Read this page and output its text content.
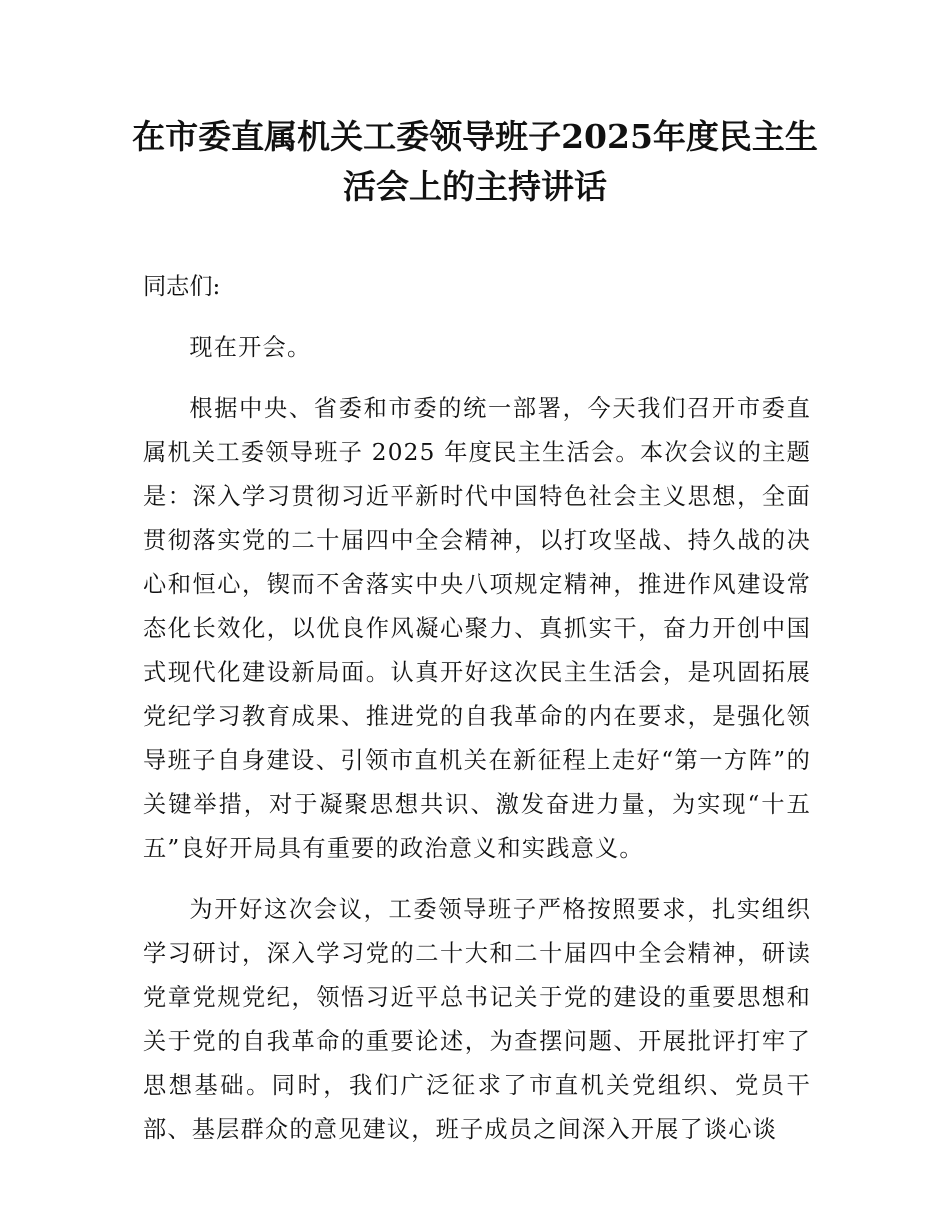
在市委直属机关工委领导班子2025年度民主生
活会上的主持讲话

同志们:

现在开会。

根据中央、省委和市委的统一部署，今天我们召开市委直属机关工委领导班子 2025 年度民主生活会。本次会议的主题是：深入学习贯彻习近平新时代中国特色社会主义思想，全面贯彻落实党的二十届四中全会精神，以打攻坚战、持久战的决心和恒心，锲而不舍落实中央八项规定精神，推进作风建设常态化长效化，以优良作风凝心聚力、真抓实干，奋力开创中国式现代化建设新局面。认真开好这次民主生活会，是巩固拓展党纪学习教育成果、推进党的自我革命的内在要求，是强化领导班子自身建设、引领市直机关在新征程上走好“第一方阵”的关键举措，对于凝聚思想共识、激发奋进力量，为实现“十五五”良好开局具有重要的政治意义和实践意义。

为开好这次会议，工委领导班子严格按照要求，扎实组织学习研讨，深入学习党的二十大和二十届四中全会精神，研读党章党规党纪，领悟习近平总书记关于党的建设的重要思想和关于党的自我革命的重要论述，为查摆问题、开展批评打牢了思想基础。同时，我们广泛征求了市直机关党组织、党员干部、基层群众的意见建议，班子成员之间深入开展了谈心谈
